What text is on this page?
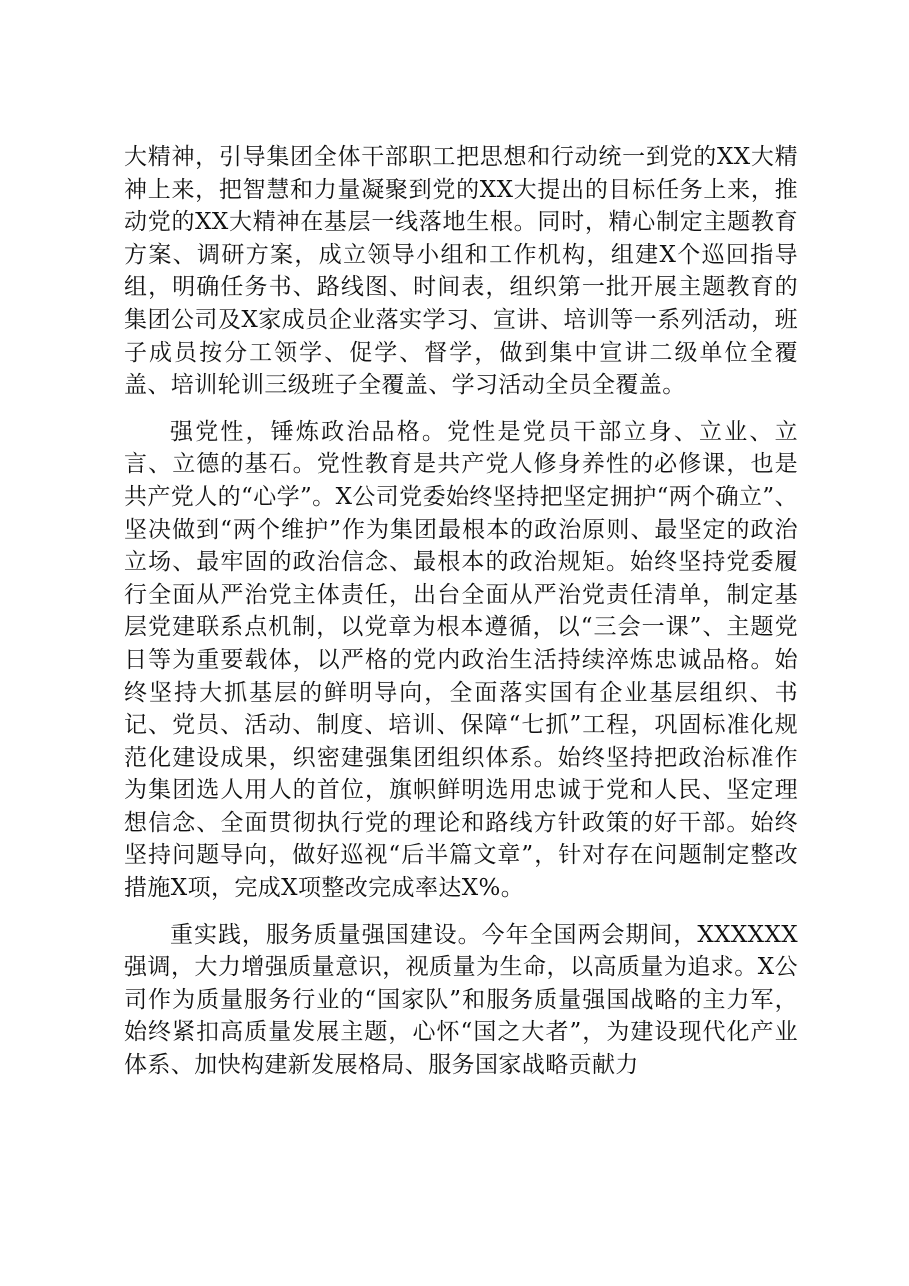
大精神，引导集团全体干部职工把思想和行动统一到党的XX大精神上来，把智慧和力量凝聚到党的XX大提出的目标任务上来，推动党的XX大精神在基层一线落地生根。同时，精心制定主题教育方案、调研方案，成立领导小组和工作机构，组建X个巡回指导组，明确任务书、路线图、时间表，组织第一批开展主题教育的集团公司及X家成员企业落实学习、宣讲、培训等一系列活动，班子成员按分工领学、促学、督学，做到集中宣讲二级单位全覆盖、培训轮训三级班子全覆盖、学习活动全员全覆盖。

强党性，锤炼政治品格。党性是党员干部立身、立业、立言、立德的基石。党性教育是共产党人修身养性的必修课，也是共产党人的“心学”。X公司党委始终坚持把坚定拥护“两个确立”、坚决做到“两个维护”作为集团最根本的政治原则、最坚定的政治立场、最牢固的政治信念、最根本的政治规矩。始终坚持党委履行全面从严治党主体责任，出台全面从严治党责任清单，制定基层党建联系点机制，以党章为根本遵循，以“三会一课”、主题党日等为重要载体，以严格的党内政治生活持续淬炼忠诚品格。始终坚持大抓基层的鲜明导向，全面落实国有企业基层组织、书记、党员、活动、制度、培训、保障“七抓”工程，巩固标准化规范化建设成果，织密建强集团组织体系。始终坚持把政治标准作为集团选人用人的首位，旗帜鲜明选用忠诚于党和人民、坚定理想信念、全面贯彻执行党的理论和路线方针政策的好干部。始终坚持问题导向，做好巡视“后半篇文章”，针对存在问题制定整改措施X项，完成X项整改完成率达X%。

重实践，服务质量强国建设。今年全国两会期间，XXXXXX强调，大力增强质量意识，视质量为生命，以高质量为追求。X公司作为质量服务行业的“国家队”和服务质量强国战略的主力军，始终紧扣高质量发展主题，心怀“国之大者”，为建设现代化产业体系、加快构建新发展格局、服务国家战略贡献力
